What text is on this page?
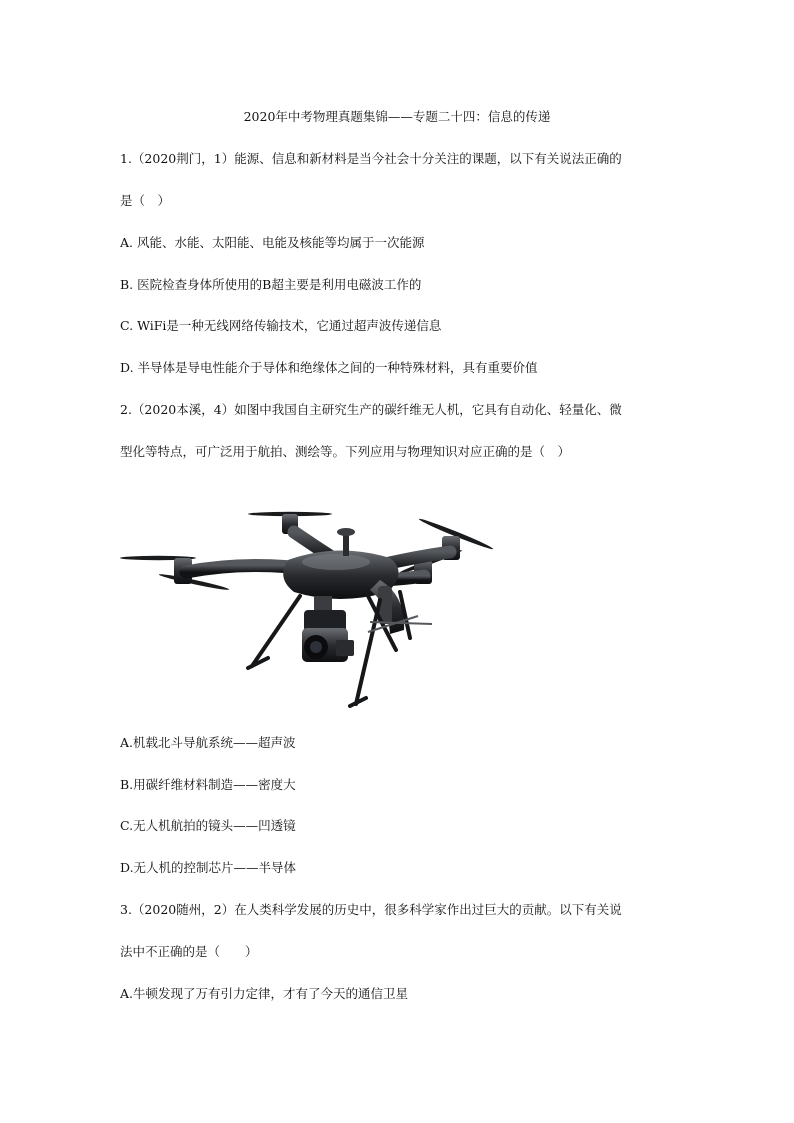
2020年中考物理真题集锦——专题二十四：信息的传递
1.（2020荆门，1）能源、信息和新材料是当今社会十分关注的课题，以下有关说法正确的
是（　）
A. 风能、水能、太阳能、电能及核能等均属于一次能源
B. 医院检查身体所使用的B超主要是利用电磁波工作的
C. WiFi是一种无线网络传输技术，它通过超声波传递信息
D. 半导体是导电性能介于导体和绝缘体之间的一种特殊材料，具有重要价值
2.（2020本溪，4）如图中我国自主研究生产的碳纤维无人机，它具有自动化、轻量化、微
型化等特点，可广泛用于航拍、测绘等。下列应用与物理知识对应正确的是（　）
A.机载北斗导航系统——超声波
B.用碳纤维材料制造——密度大
C.无人机航拍的镜头——凹透镜
D.无人机的控制芯片——半导体
3.（2020随州，2）在人类科学发展的历史中，很多科学家作出过巨大的贡献。以下有关说
法中不正确的是（　　）
A.牛顿发现了万有引力定律，才有了今天的通信卫星
